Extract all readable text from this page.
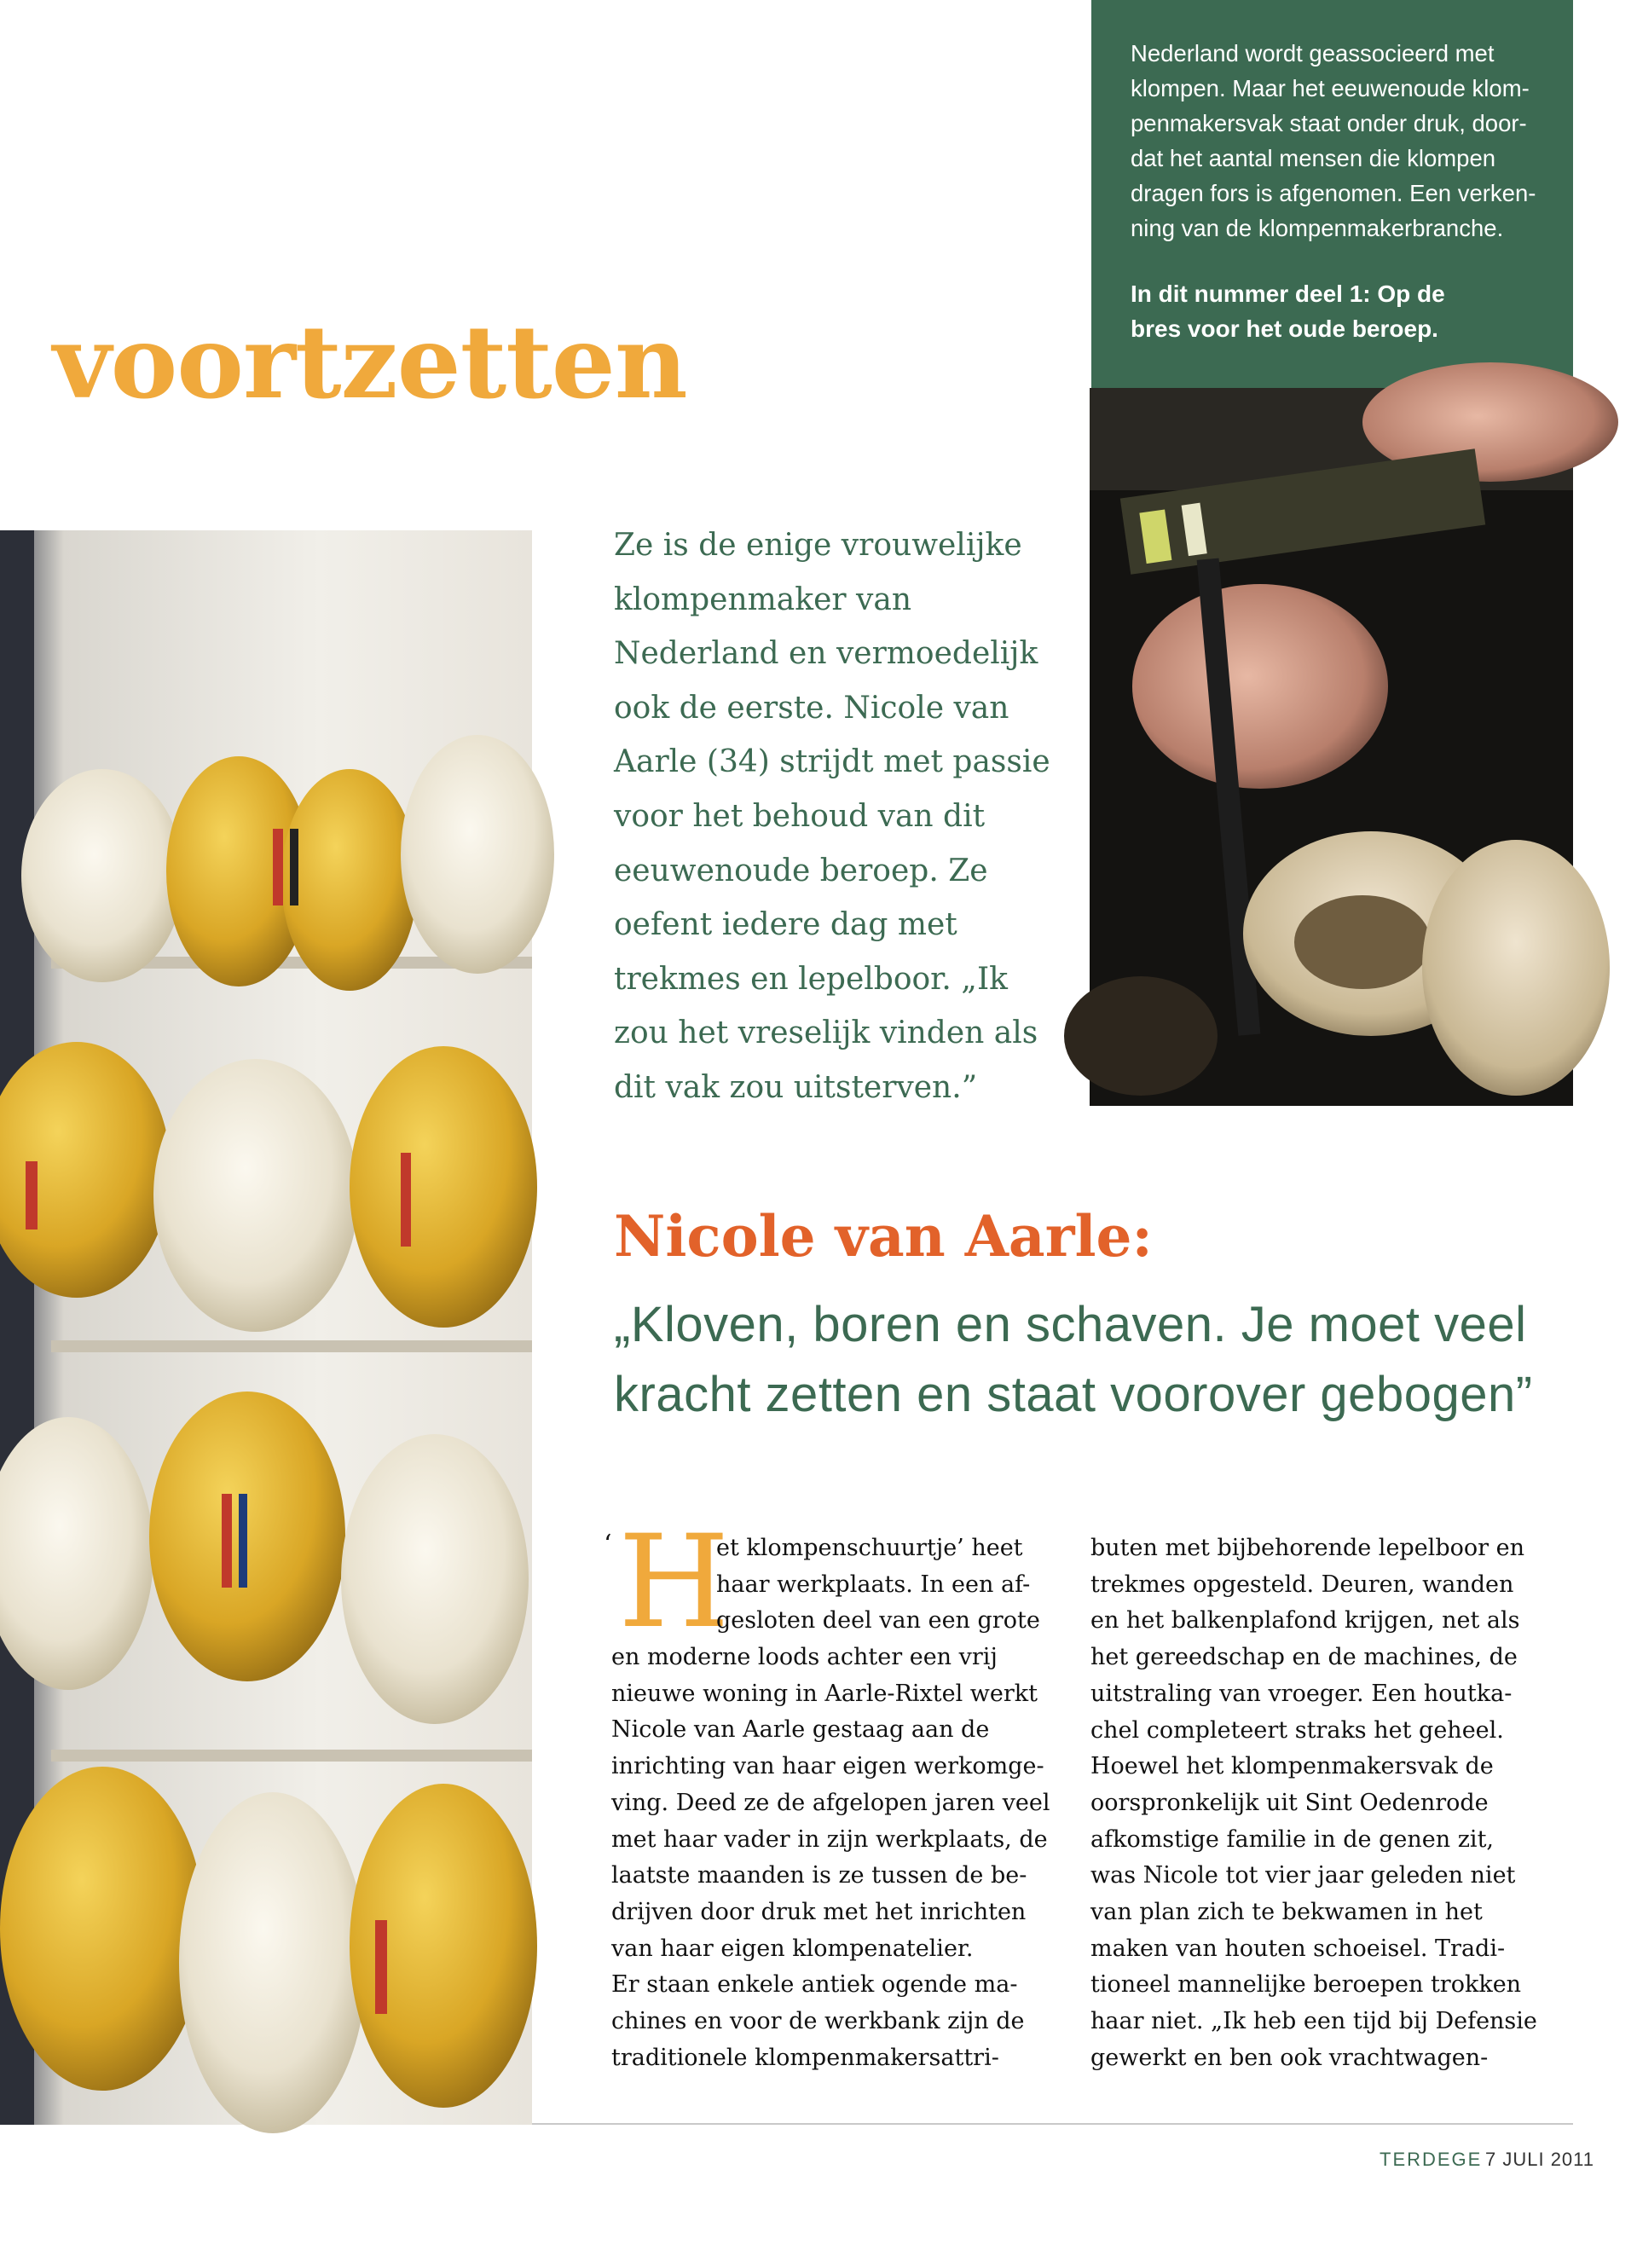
Nederland wordt geassocieerd met
klompen. Maar het eeuwenoude klom-
penmakersvak staat onder druk, door-
dat het aantal mensen die klompen
dragen fors is afgenomen. Een verken-
ning van de klompenmakerbranche.

In dit nummer deel 1: Op de
bres voor het oude beroep.

voortzetten

Ze is de enige vrouwelijke
klompenmaker van
Nederland en vermoedelijk
ook de eerste. Nicole van
Aarle (34) strijdt met passie
voor het behoud van dit
eeuwenoude beroep. Ze
oefent iedere dag met
trekmes en lepelboor. „Ik
zou het vreselijk vinden als
dit vak zou uitsterven.”

Nicole van Aarle:

„Kloven, boren en schaven. Je moet veel
kracht zetten en staat voorover gebogen”

‘ H

et klompenschuurtje’ heet
haar werkplaats. In een af-
gesloten deel van een grote

en moderne loods achter een vrij
nieuwe woning in Aarle-Rixtel werkt
Nicole van Aarle gestaag aan de
inrichting van haar eigen werkomge-
ving. Deed ze de afgelopen jaren veel
met haar vader in zijn werkplaats, de
laatste maanden is ze tussen de be-
drijven door druk met het inrichten
van haar eigen klompenatelier.
Er staan enkele antiek ogende ma-
chines en voor de werkbank zijn de
traditionele klompenmakersattri-

buten met bijbehorende lepelboor en
trekmes opgesteld. Deuren, wanden
en het balkenplafond krijgen, net als
het gereedschap en de machines, de
uitstraling van vroeger. Een houtka-
chel completeert straks het geheel.
Hoewel het klompenmakersvak de
oorspronkelijk uit Sint Oedenrode
afkomstige familie in de genen zit,
was Nicole tot vier jaar geleden niet
van plan zich te bekwamen in het
maken van houten schoeisel. Tradi-
tioneel mannelijke beroepen trokken
haar niet. „Ik heb een tijd bij Defensie
gewerkt en ben ook vrachtwagen-

TERDEGE 7 JULI 2011
